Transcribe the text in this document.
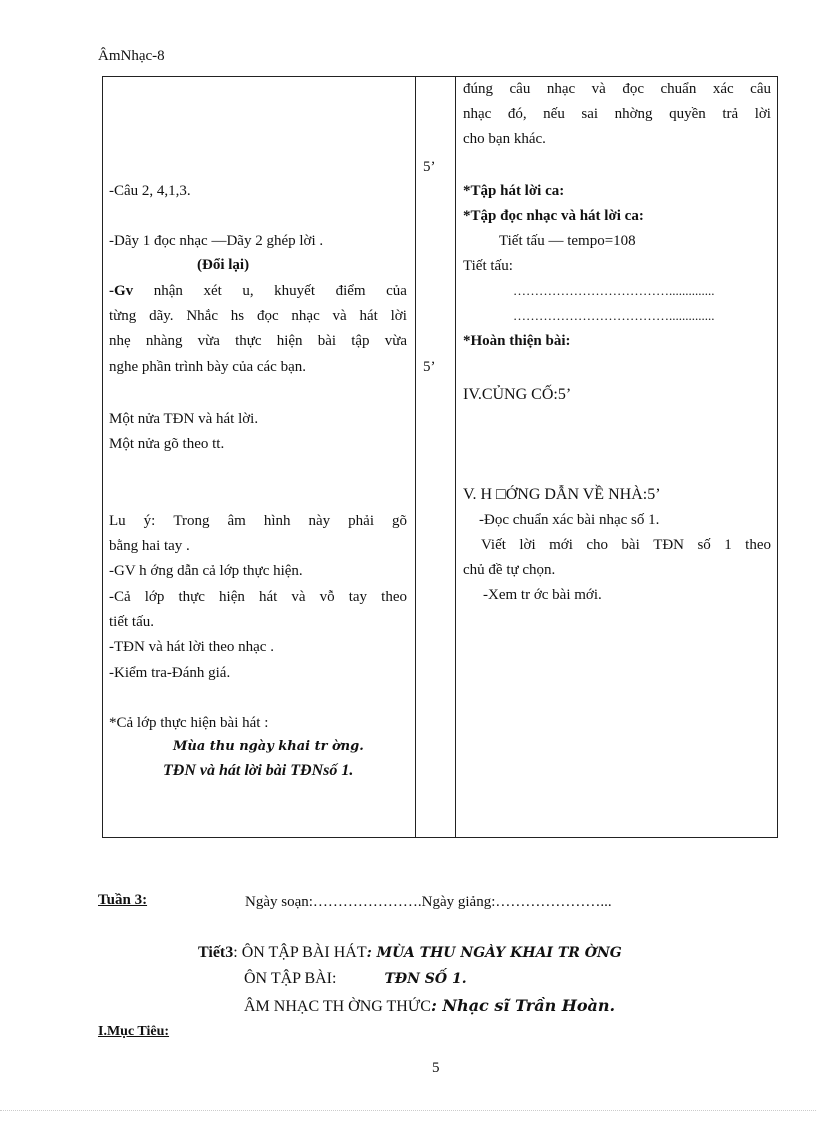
ÂmNhạc-8
-Câu 2, 4,1,3.
-Dãy 1 đọc nhạc —Dãy 2 ghép lời .
(Đổi lại)
-Gv nhận xét u, khuyết điểm của
từng dãy. Nhắc hs đọc nhạc và hát lời
nhẹ nhàng vừa thực hiện bài tập vừa
nghe phần trình bày của các bạn.
Một nửa TĐN và hát lời.
Một nửa gõ theo tt.
Lu ý: Trong âm hình này phải gõ
bằng hai tay .
-GV h ớng dẫn cả lớp thực hiện.
-Cả lớp thực hiện hát và vỗ tay theo
tiết tấu.
-TĐN và hát lời theo nhạc .
-Kiểm tra-Đánh giá.
*Cả lớp thực hiện bài hát :
Mùa thu ngày khai tr ờng.
TĐN và hát lời bài TĐNsố 1.
5’
5’
đúng câu nhạc và đọc chuẩn xác câu
nhạc đó, nếu sai nhờng quyền trả lời
cho bạn khác.
*Tập hát lời ca:
*Tập đọc nhạc và hát lời ca:
Tiết tấu — tempo=108
Tiết tấu:
………………………………..............
………………………………..............
*Hoàn thiện bài:
IV.CỦNG CỐ:5’
V. H □ỚNG DẪN VỀ NHÀ:5’
-Đọc chuẩn xác bài nhạc số 1.
Viết lời mới cho bài TĐN số 1 theo
chủ đề tự chọn.
-Xem tr ớc bài mới.
Tuần 3:	Ngày soạn:………………….Ngày giảng:…………………...
Tiết3: ÔN TẬP BÀI HÁT: MÙA THU NGÀY KHAI TR ỜNG
ÔN TẬP BÀI:	TĐN SỐ 1.
ÂM NHẠC TH ỜNG THỨC: Nhạc sĩ Trần Hoàn.
I.Mục Tiêu:
5
